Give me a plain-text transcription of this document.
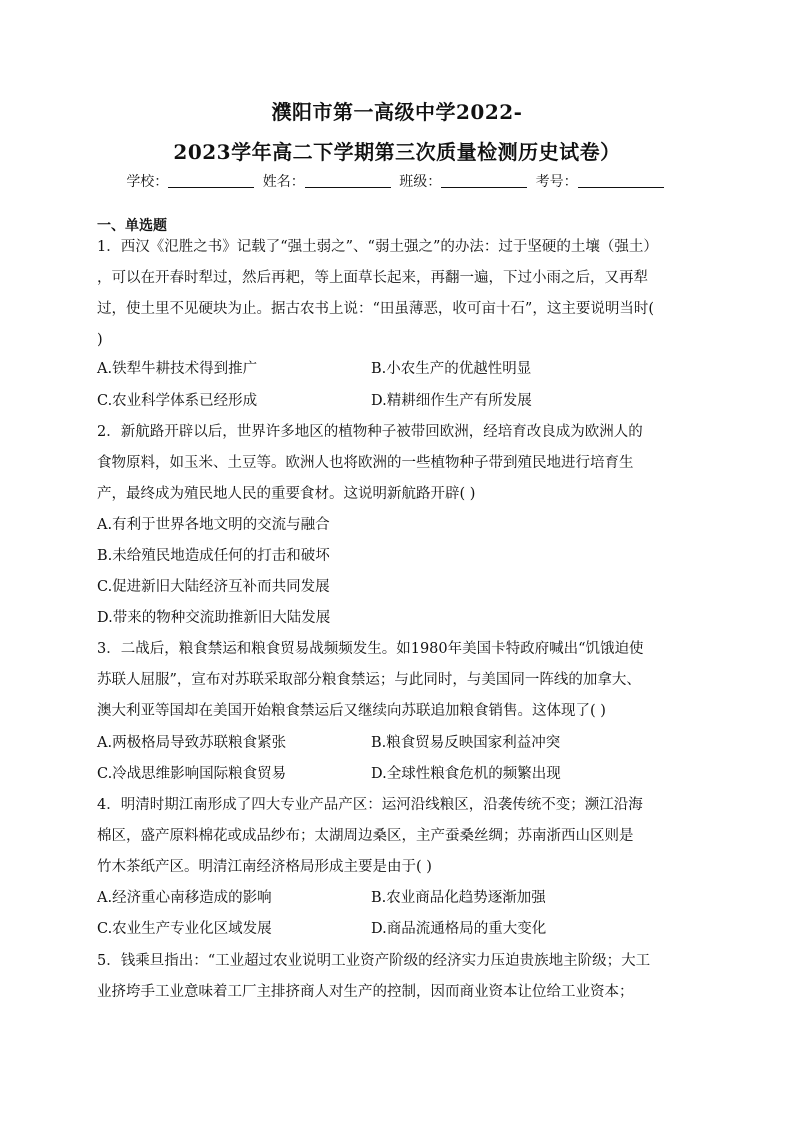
濮阳市第一高级中学2022-
2023学年高二下学期第三次质量检测历史试卷）
学校：	姓名：	班级：	考号：
一、单选题
1．西汉《氾胜之书》记载了“强土弱之”、“弱土强之”的办法：过于坚硬的土壤（强土）
，可以在开春时犁过，然后再耙，等上面草长起来，再翻一遍，下过小雨之后，又再犁
过，使土里不见硬块为止。据古农书上说：“田虽薄恶，收可亩十石”，这主要说明当时(
)
A.铁犁牛耕技术得到推广	B.小农生产的优越性明显
C.农业科学体系已经形成	D.精耕细作生产有所发展
2．新航路开辟以后，世界许多地区的植物种子被带回欧洲，经培育改良成为欧洲人的
食物原料，如玉米、土豆等。欧洲人也将欧洲的一些植物种子带到殖民地进行培育生
产，最终成为殖民地人民的重要食材。这说明新航路开辟( )
A.有利于世界各地文明的交流与融合
B.未给殖民地造成任何的打击和破坏
C.促进新旧大陆经济互补而共同发展
D.带来的物种交流助推新旧大陆发展
3．二战后，粮食禁运和粮食贸易战频频发生。如1980年美国卡特政府喊出“饥饿迫使
苏联人屈服”，宣布对苏联采取部分粮食禁运；与此同时，与美国同一阵线的加拿大、
澳大利亚等国却在美国开始粮食禁运后又继续向苏联追加粮食销售。这体现了( )
A.两极格局导致苏联粮食紧张	B.粮食贸易反映国家利益冲突
C.冷战思维影响国际粮食贸易	D.全球性粮食危机的频繁出现
4．明清时期江南形成了四大专业产品产区：运河沿线粮区，沿袭传统不变；濒江沿海
棉区，盛产原料棉花或成品纱布；太湖周边桑区，主产蚕桑丝绸；苏南浙西山区则是
竹木茶纸产区。明清江南经济格局形成主要是由于( )
A.经济重心南移造成的影响	B.农业商品化趋势逐渐加强
C.农业生产专业化区域发展	D.商品流通格局的重大变化
5．钱乘旦指出：“工业超过农业说明工业资产阶级的经济实力压迫贵族地主阶级；大工
业挤垮手工业意味着工厂主排挤商人对生产的控制，因而商业资本让位给工业资本；
